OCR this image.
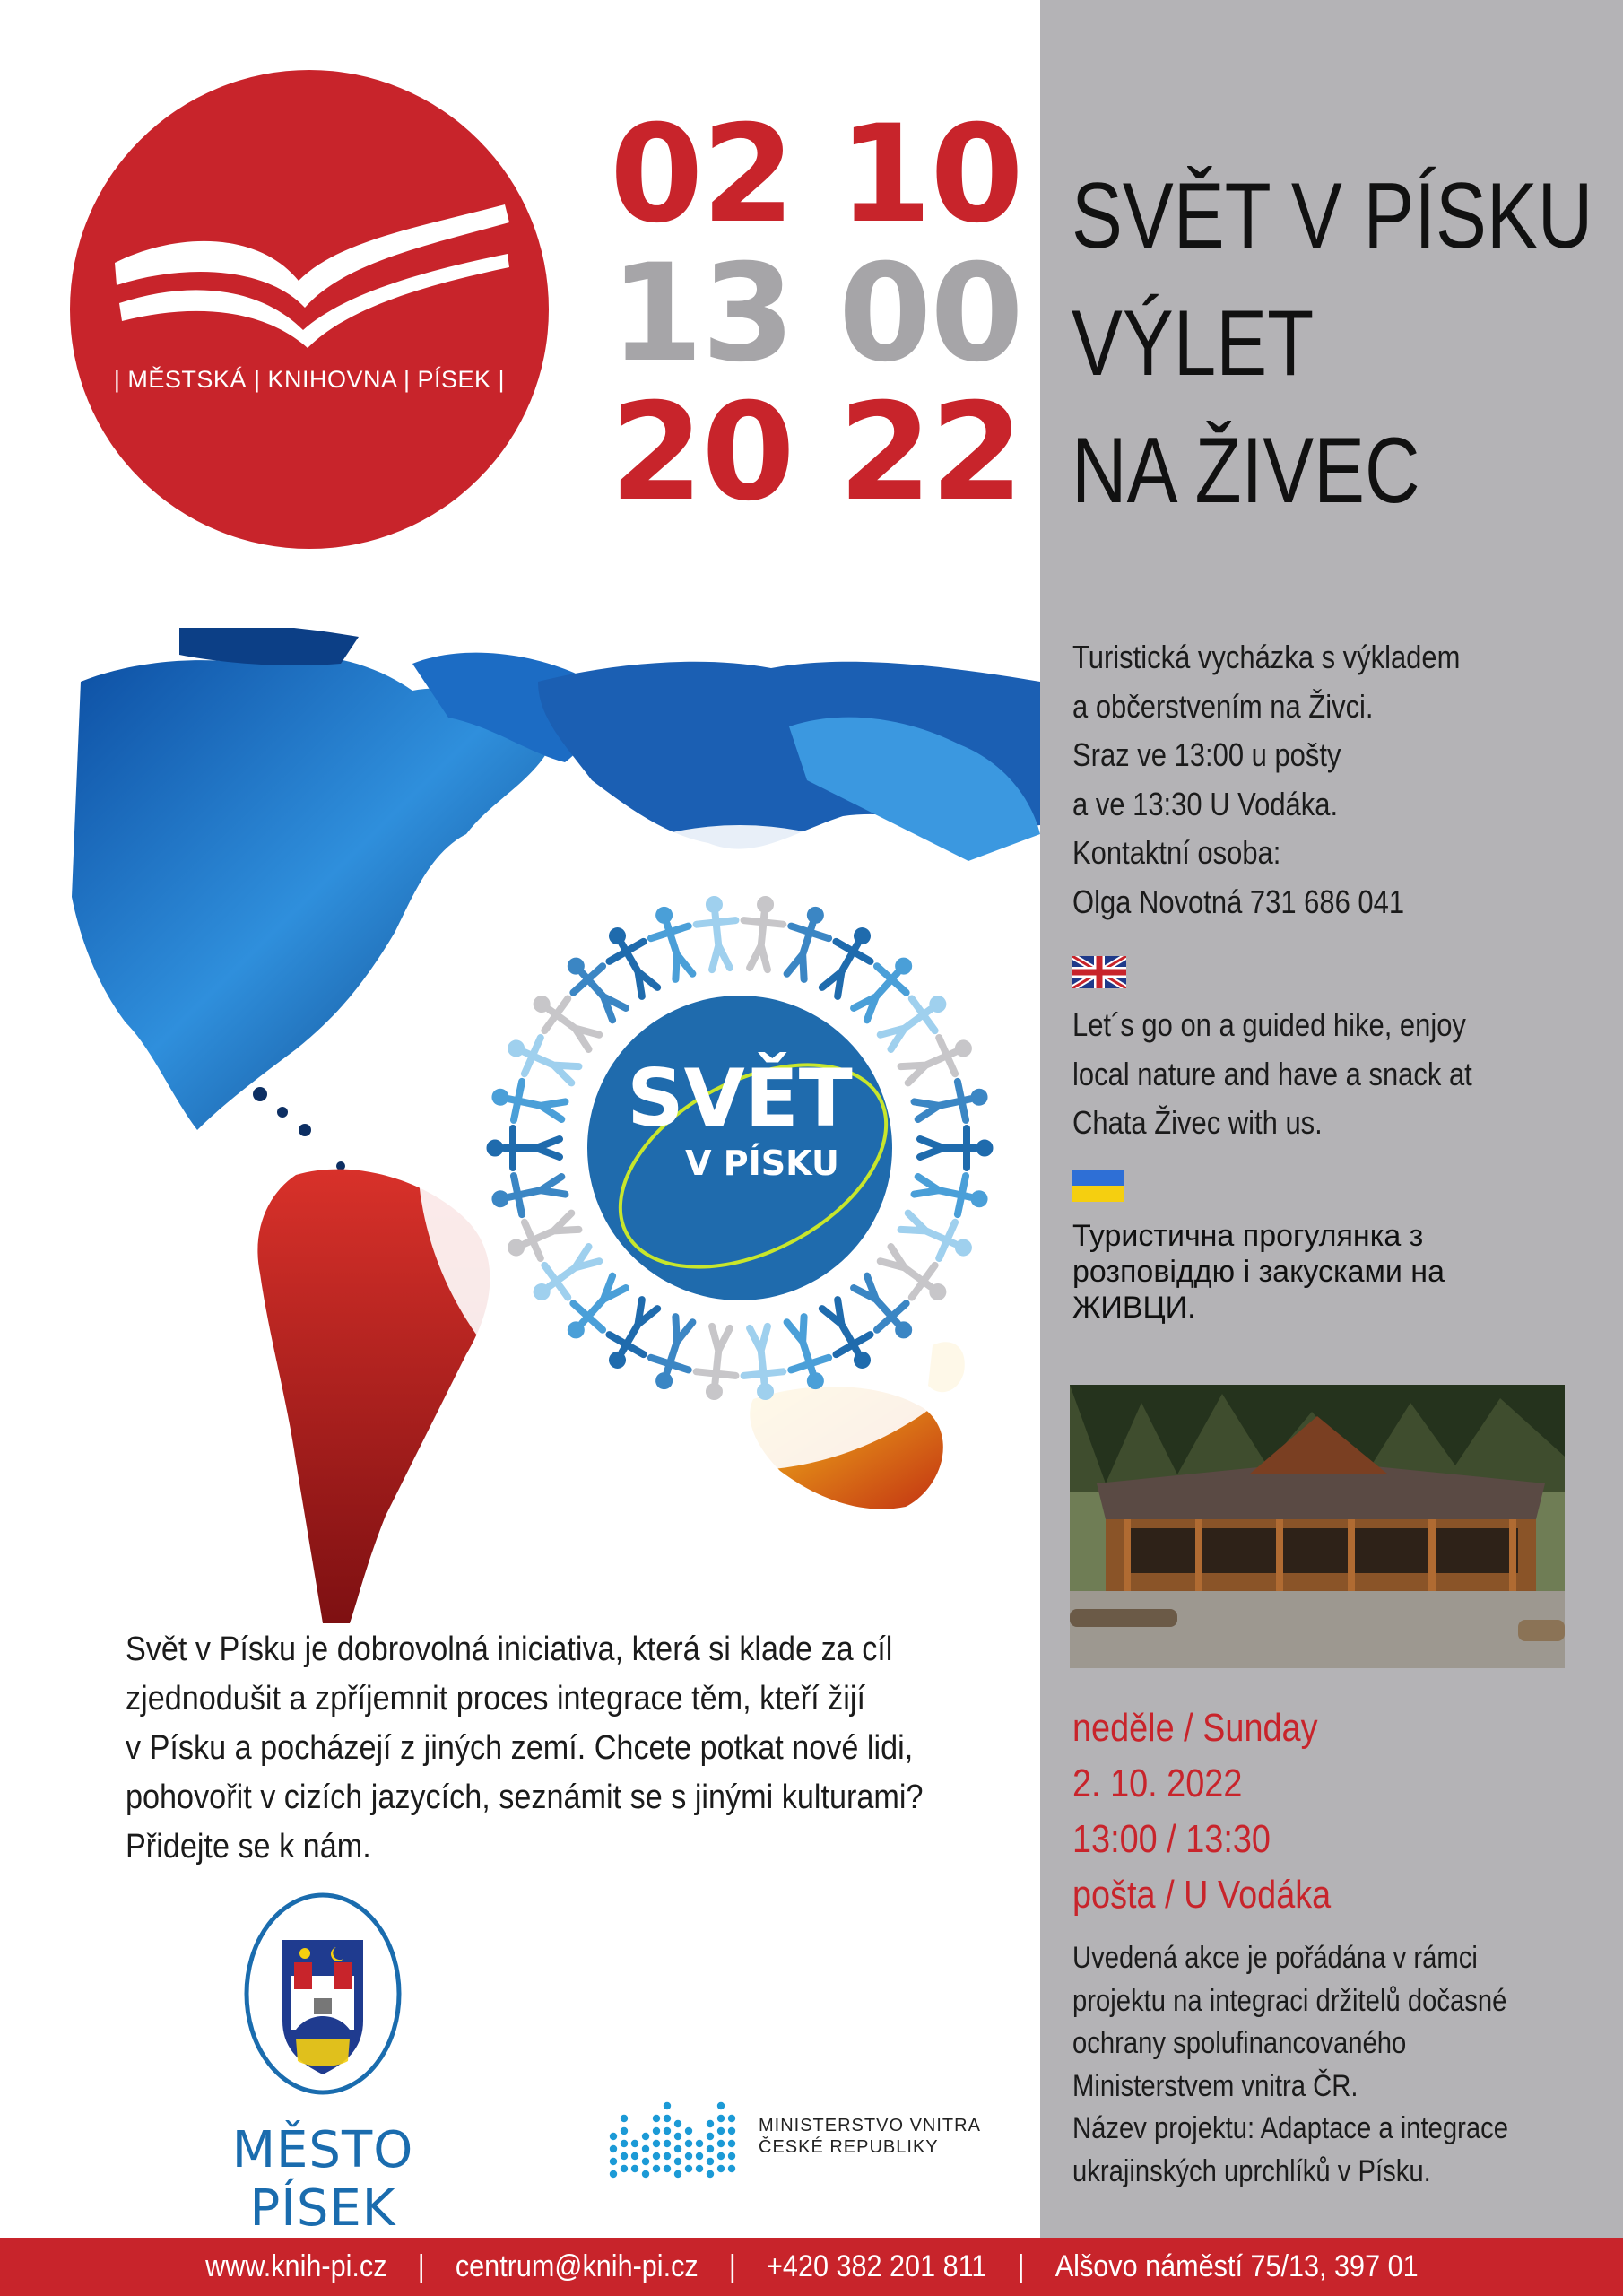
| MĚSTSKÁ | KNIHOVNA | PÍSEK |
02 10
13 00
20 22
SVĚT V PÍSKU
VÝLET
NA ŽIVEC
SVĚT
V PÍSKU
Turistická vycházka s výkladem
a občerstvením na Živci.
Sraz ve 13:00 u pošty
a ve 13:30 U Vodáka.
Kontaktní osoba:
Olga Novotná 731 686 041
Let´s go on a guided hike, enjoy
local nature and have a snack at
Chata Živec with us.
Туристична прогулянка з
розповіддю і закусками на
ЖИВЦИ.
neděle / Sunday
2. 10. 2022
13:00 / 13:30
pošta / U Vodáka
Uvedená akce je pořádána v rámci
projektu na integraci držitelů dočasné
ochrany spolufinancovaného
Ministerstvem vnitra ČR.
Název projektu: Adaptace a integrace
ukrajinských uprchlíků v Písku.
Svět v Písku je dobrovolná iniciativa, která si klade za cíl
zjednodušit a zpříjemnit proces integrace těm, kteří žijí
v Písku a pocházejí z jiných zemí. Chcete potkat nové lidi,
pohovořit v cizích jazycích, seznámit se s jinými kulturami?
Přidejte se k nám.
MĚSTO PÍSEK
MINISTERSTVO VNITRA
ČESKÉ REPUBLIKY
www.knih-pi.cz | centrum@knih-pi.cz | +420 382 201 811 | Alšovo náměstí 75/13, 397 01
